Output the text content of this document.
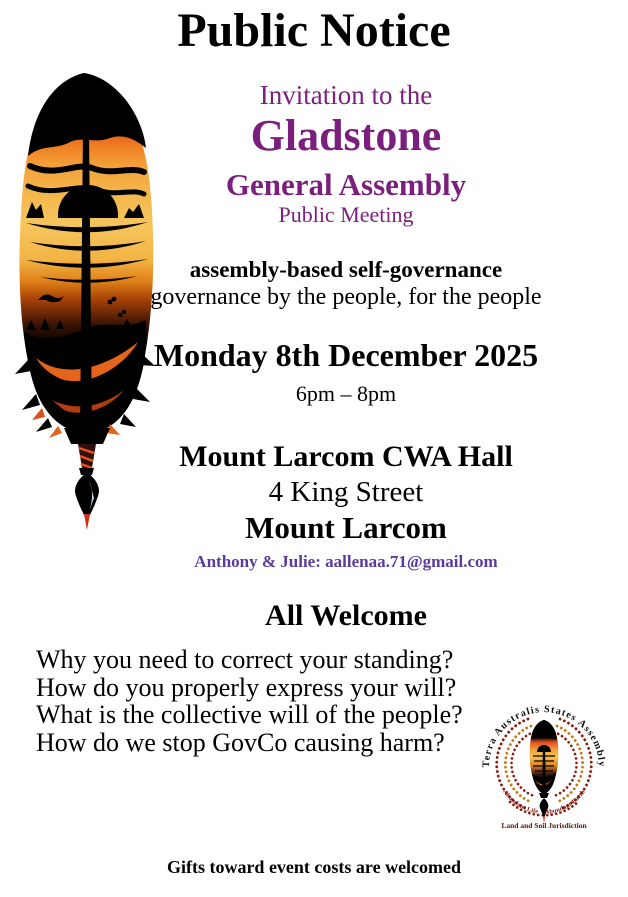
Public Notice
Invitation to the
Gladstone
General Assembly
Public Meeting
assembly-based self-governance
governance by the people, for the people
Monday 8th December 2025
6pm – 8pm
Mount Larcom CWA Hall
4 King Street
Mount Larcom
Anthony & Julie: aallenaa.71@gmail.com
All Welcome
Why you need to correct your standing?
How do you properly express your will?
What is the collective will of the people?
How do we stop GovCo causing harm?
Terra Australis States Assembly
Abundant Life    Abundant Earth
Land and Soil Jurisdiction
Gifts toward event costs are welcomed
